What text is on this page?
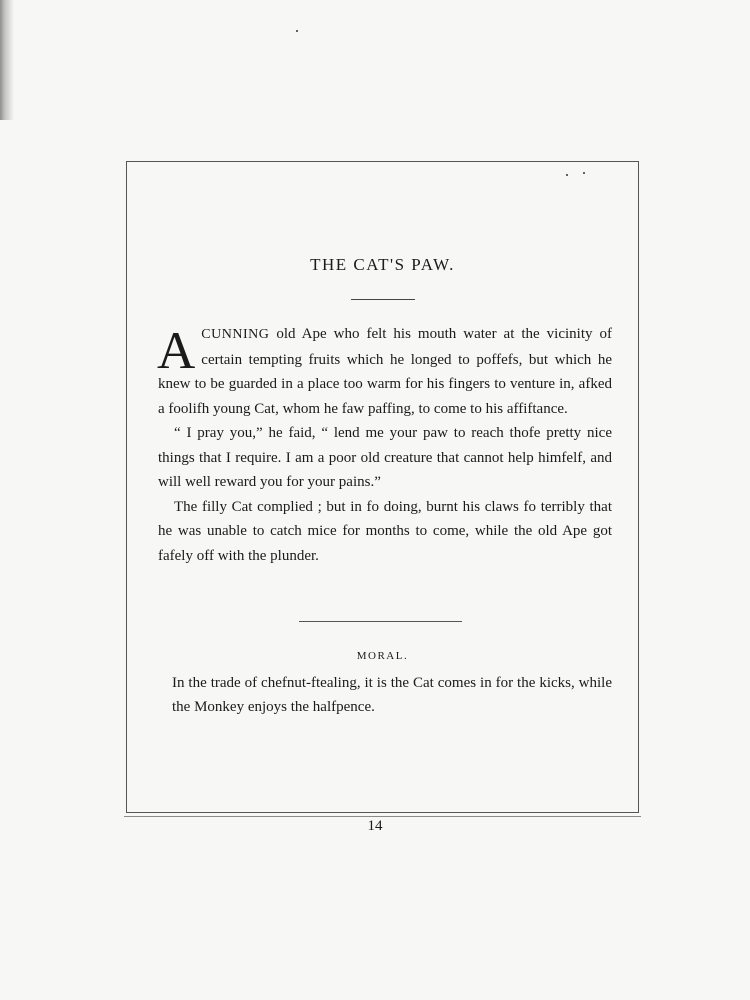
THE CAT'S PAW.

ACUNNING old Ape who felt his mouth water at the vicinity of certain tempting fruits which he longed to poffefs, but which he knew to be guarded in a place too warm for his fingers to venture in, afked a foolifh young Cat, whom he faw paffing, to come to his affiftance.

“ I pray you,” he faid, “ lend me your paw to reach thofe pretty nice things that I require. I am a poor old creature that cannot help himfelf, and will well reward you for your pains.”

The filly Cat complied ; but in fo doing, burnt his claws fo terribly that he was unable to catch mice for months to come, while the old Ape got fafely off with the plunder.

MORAL.

In the trade of chefnut-ftealing, it is the Cat comes in for the kicks, while the Monkey enjoys the halfpence.

14
